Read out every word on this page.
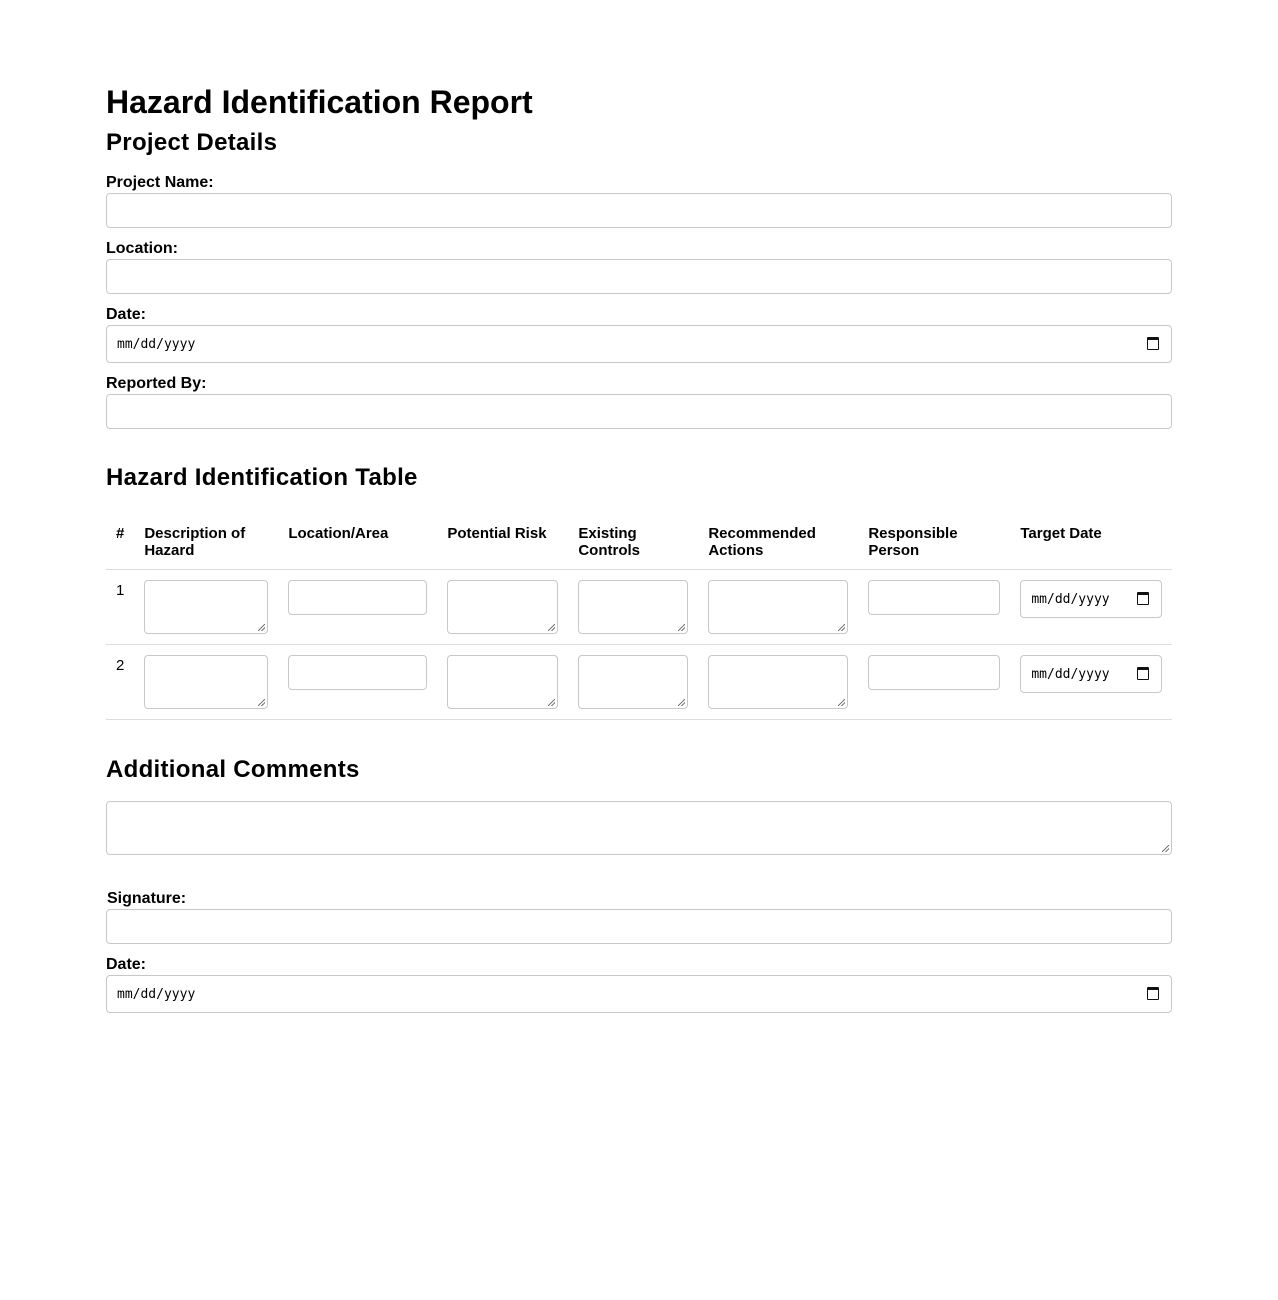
Hazard Identification Report
Project Details
Project Name:
Location:
Date:
mm/dd/yyyy
Reported By:
Hazard Identification Table
#	Description of Hazard	Location/Area	Potential Risk	Existing Controls	Recommended Actions	Responsible Person	Target Date
1							mm/dd/yyyy

2							mm/dd/yyyy
Additional Comments
Signature:
Date:
mm/dd/yyyy
